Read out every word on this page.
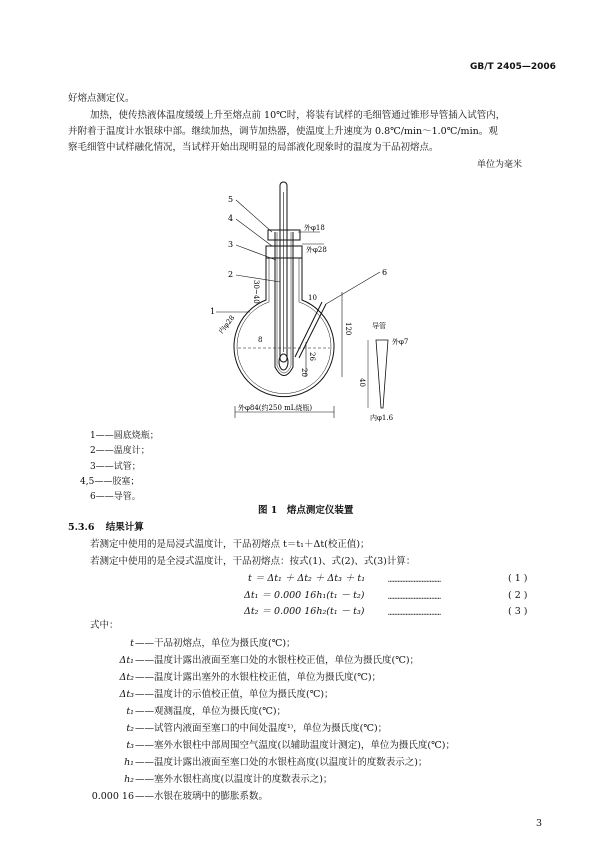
GB/T 2405—2006
好熔点测定仪。
加热，使传热液体温度缓缓上升至熔点前 10℃时，将装有试样的毛细管通过锥形导管插入试管内，
并附着于温度计水银球中部。继续加热，调节加热器，使温度上升速度为 0.8℃/min～1.0℃/min。观
察毛细管中试样融化情况，当试样开始出现明显的局部液化现象时的温度为干品初熔点。
单位为毫米
5
4
3
2
1
6
外φ18
外φ28
30~40	10
120
8
26
20
内φ28
外φ84(约250 mL烧瓶)
导管
外φ7
40
内φ1.6
1——圆底烧瓶；
2——温度计；
3——试管；
4,5——胶塞；
6——导管。
图 1　熔点测定仪装置
5.3.6 结果计算
若测定中使用的是局浸式温度计，干品初熔点 t＝t₁＋Δt(校正值)；
若测定中使用的是全浸式温度计，干品初熔点：按式(1)、式(2)、式(3)计算：
t ＝ Δt₁ ＋ Δt₂ ＋ Δt₃ ＋ t₁	……………………………	( 1 )
Δt₁ ＝ 0.000 16h₁(t₁ － t₂)	……………………………	( 2 )
Δt₂ ＝ 0.000 16h₂(t₁ － t₃)	……………………………	( 3 )
式中：
t ——干品初熔点，单位为摄氏度(℃)；
Δt₁ ——温度计露出液面至塞口处的水银柱校正值，单位为摄氏度(℃)；
Δt₂ ——温度计露出塞外的水银柱校正值，单位为摄氏度(℃)；
Δt₃ ——温度计的示值校正值，单位为摄氏度(℃)；
t₁ ——观测温度，单位为摄氏度(℃)；
t₂ ——试管内液面至塞口的中间处温度¹⁾，单位为摄氏度(℃)；
t₃ ——塞外水银柱中部周围空气温度(以辅助温度计测定)，单位为摄氏度(℃)；
h₁ ——温度计露出液面至塞口处的水银柱高度(以温度计的度数表示之)；
h₂ ——塞外水银柱高度(以温度计的度数表示之)；
0.000 16 ——水银在玻璃中的膨胀系数。
3
